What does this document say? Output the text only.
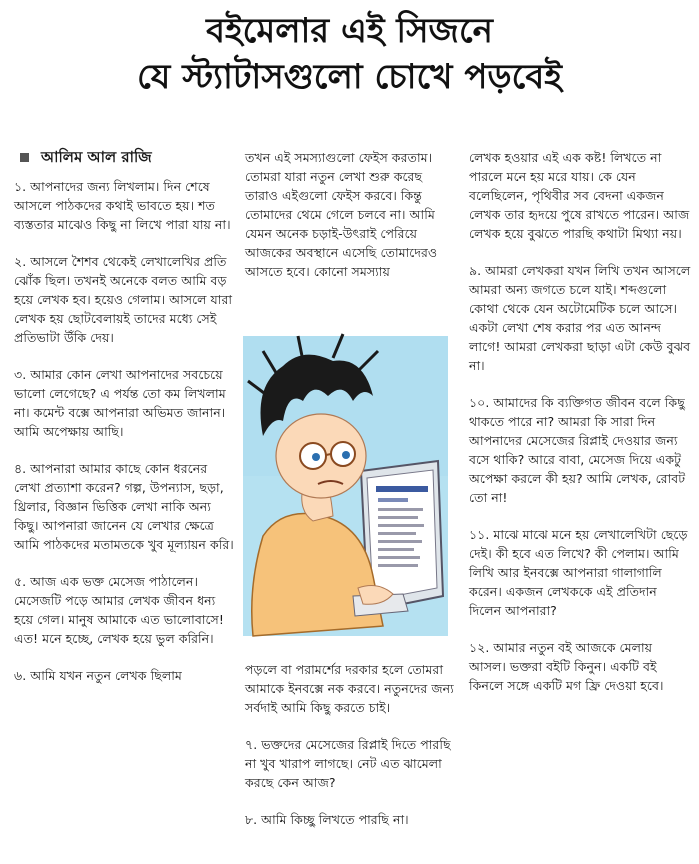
বইমেলার এই সিজনে
যে স্ট্যাটাসগুলো চোখে পড়বেই
আলিম আল রাজি

১. আপনাদের জন্য লিখলাম। দিন শেষে আসলে পাঠকদের কথাই ভাবতে হয়। শত ব্যস্ততার মাঝেও কিছু না লিখে পারা যায় না।

২. আসলে শৈশব থেকেই লেখালেখির প্রতি ঝোঁক ছিল। তখনই অনেকে বলত আমি বড় হয়ে লেখক হব। হয়েও গেলাম। আসলে যারা লেখক হয় ছোটবেলায়ই তাদের মধ্যে সেই প্রতিভাটা উঁকি দেয়।

৩. আমার কোন লেখা আপনাদের সবচেয়ে ভালো লেগেছে? এ পর্যন্ত তো কম লিখলাম না। কমেন্ট বক্সে আপনারা অভিমত জানান। আমি অপেক্ষায় আছি।

৪. আপনারা আমার কাছে কোন ধরনের লেখা প্রত্যাশা করেন? গল্প, উপন্যাস, ছড়া, থ্রিলার, বিজ্ঞান ভিত্তিক লেখা নাকি অন্য কিছু। আপনারা জানেন যে লেখার ক্ষেত্রে আমি পাঠকদের মতামতকে খুব মূল্যায়ন করি।

৫. আজ এক ভক্ত মেসেজ পাঠালেন। মেসেজটি পড়ে আমার লেখক জীবন ধন্য হয়ে গেল। মানুষ আমাকে এত ভালোবাসে! এত! মনে হচ্ছে, লেখক হয়ে ভুল করিনি।

৬. আমি যখন নতুন লেখক ছিলাম

তখন এই সমস্যাগুলো ফেইস করতাম। তোমরা যারা নতুন লেখা শুরু করেছ তারাও এইগুলো ফেইস করবে। কিন্তু তোমাদের থেমে গেলে চলবে না। আমি যেমন অনেক চড়াই-উৎরাই পেরিয়ে আজকের অবস্থানে এসেছি তোমাদেরও আসতে হবে। কোনো সমস্যায়

পড়লে বা পরামর্শের দরকার হলে তোমরা আমাকে ইনবক্সে নক করবে। নতুনদের জন্য সর্বদাই আমি কিছু করতে চাই।

৭. ভক্তদের মেসেজের রিপ্লাই দিতে পারছি না খুব খারাপ লাগছে। নেট এত ঝামেলা করছে কেন আজ?

৮. আমি কিচ্ছু লিখতে পারছি না।

লেখক হওয়ার এই এক কষ্ট! লিখতে না পারলে মনে হয় মরে যায়। কে যেন বলেছিলেন, পৃথিবীর সব বেদনা একজন লেখক তার হৃদয়ে পুষে রাখতে পারেন। আজ লেখক হয়ে বুঝতে পারছি কথাটা মিথ্যা নয়।

৯. আমরা লেখকরা যখন লিখি তখন আসলে আমরা অন্য জগতে চলে যাই। শব্দগুলো কোথা থেকে যেন অটোমেটিক চলে আসে। একটা লেখা শেষ করার পর এত আনন্দ লাগে! আমরা লেখকরা ছাড়া এটা কেউ বুঝব না।

১০. আমাদের কি ব্যক্তিগত জীবন বলে কিছু থাকতে পারে না? আমরা কি সারা দিন আপনাদের মেসেজের রিপ্লাই দেওয়ার জন্য বসে থাকি? আরে বাবা, মেসেজ দিয়ে একটু অপেক্ষা করলে কী হয়? আমি লেখক, রোবট তো না!

১১. মাঝে মাঝে মনে হয় লেখালেখিটা ছেড়ে দেই। কী হবে এত লিখে? কী পেলাম। আমি লিখি আর ইনবক্সে আপনারা গালাগালি করেন। একজন লেখককে এই প্রতিদান দিলেন আপনারা?

১২. আমার নতুন বই আজকে মেলায় আসল। ভক্তরা বইটি কিনুন। একটি বই কিনলে সঙ্গে একটি মগ ফ্রি দেওয়া হবে।
